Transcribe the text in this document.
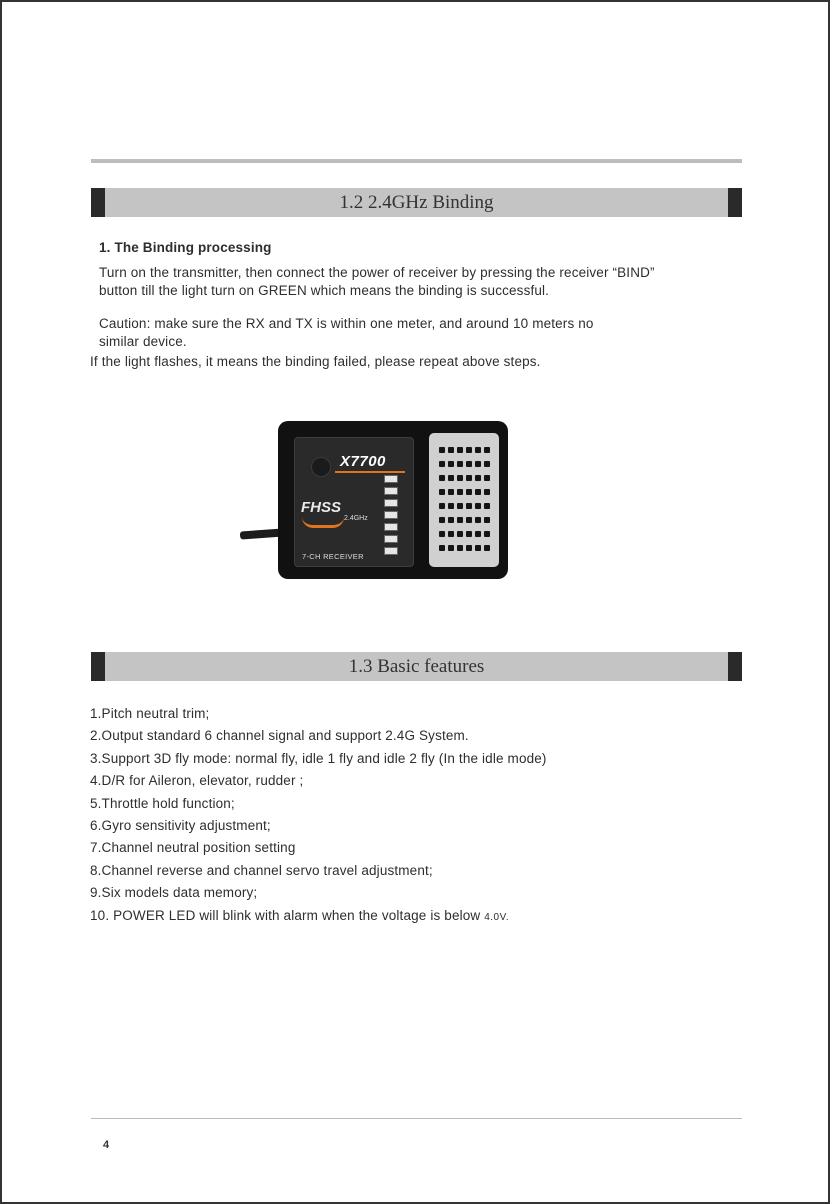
1.2 2.4GHz Binding
1. The Binding processing
Turn on the transmitter, then connect the power of receiver by pressing the receiver “BIND”
button till the light turn on GREEN which means the binding is successful.
Caution: make sure the RX and TX is within one meter, and around 10 meters no
similar device.
If the light flashes, it means the binding failed, please repeat above steps.
X7700
FHSS
2.4GHz
7-CH RECEIVER
1.3 Basic features
1.Pitch neutral trim;
2.Output standard 6 channel signal and support 2.4G System.
3.Support 3D fly mode: normal fly, idle 1 fly and idle 2 fly (In the idle mode)
4.D/R for Aileron, elevator, rudder ;
5.Throttle hold function;
6.Gyro sensitivity adjustment;
7.Channel neutral position setting
8.Channel reverse and channel servo travel adjustment;
9.Six models data memory;
10. POWER LED will blink with alarm when the voltage is below 4.0V.
4
